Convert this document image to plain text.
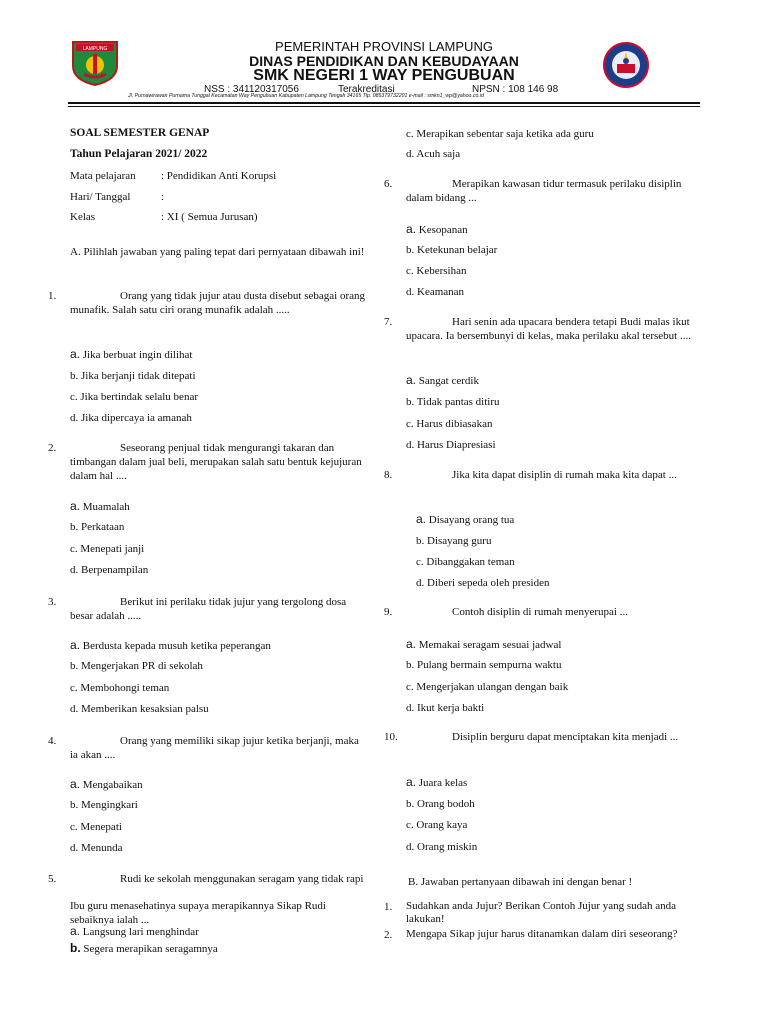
LAMPUNG	PEMERINTAH PROVINSI LAMPUNG
DINAS PENDIDIKAN DAN KEBUDAYAAN
SMK NEGERI 1 WAY PENGUBUAN
NSS : 341120317056	Terakreditasi	NPSN : 108 146 98
Jl. Purnawirawan Purnama Tunggal Kecamatan Way Pengubuan Kabupaten Lampung Tengah 34165 Tlp. 085379732201 e-mail : smkn1_wp@yahoo.co.id
SOAL SEMESTER GENAP
Tahun Pelajaran 2021/ 2022
Mata pelajaran : Pendidikan Anti Korupsi
Hari/ Tanggal	:
Kelas	: XI ( Semua Jurusan)
A. Pilihlah jawaban yang paling tepat dari pernyataan dibawah ini!
1.	Orang yang tidak jujur atau dusta disebut sebagai orang munafik. Salah satu ciri orang munafik adalah .....
a. Jika berbuat ingin dilihat
b. Jika berjanji tidak ditepati
c. Jika bertindak selalu benar
d. Jika dipercaya ia amanah
2.	Seseorang penjual tidak mengurangi takaran dan timbangan dalam jual beli, merupakan salah satu bentuk kejujuran dalam hal ....
a. Muamalah
b. Perkataan
c. Menepati janji
d. Berpenampilan
3.	Berikut ini perilaku tidak jujur yang tergolong dosa besar adalah .....
a. Berdusta kepada musuh ketika peperangan
b. Mengerjakan PR di sekolah
c. Membohongi teman
d. Memberikan kesaksian palsu
4.	Orang yang memiliki sikap jujur ketika berjanji, maka ia akan ....
a. Mengabaikan
b. Mengingkari
c. Menepati
d. Menunda
5.	Rudi ke sekolah menggunakan seragam yang tidak rapi
Ibu guru menasehatinya supaya merapikannya Sikap Rudi sebaiknya ialah ...
a. Langsung lari menghindar
b. Segera merapikan seragamnya
c. Merapikan sebentar saja ketika ada guru
d. Acuh saja
6.	Merapikan kawasan tidur termasuk perilaku disiplin dalam bidang ...
a. Kesopanan
b. Ketekunan belajar
c. Kebersihan
d. Keamanan
7.	Hari senin ada upacara bendera tetapi Budi malas ikut upacara. Ia bersembunyi di kelas, maka perilaku akal tersebut ....
a. Sangat cerdik
b. Tidak pantas ditiru
c. Harus dibiasakan
d. Harus Diapresiasi
8.	Jika kita dapat disiplin di rumah maka kita dapat ...
a. Disayang orang tua
b. Disayang guru
c. Dibanggakan teman
d. Diberi sepeda oleh presiden
9.	Contoh disiplin di rumah menyerupai ...
a. Memakai seragam sesuai jadwal
b. Pulang bermain sempurna waktu
c. Mengerjakan ulangan dengan baik
d. Ikut kerja bakti
10.	Disiplin berguru dapat menciptakan kita menjadi ...
a. Juara kelas
b. Orang bodoh
c. Orang kaya
d. Orang miskin
B. Jawaban pertanyaan dibawah ini dengan benar !
1. Sudahkan anda Jujur? Berikan Contoh Jujur yang sudah anda lakukan!
2. Mengapa Sikap jujur harus ditanamkan dalam diri seseorang?
